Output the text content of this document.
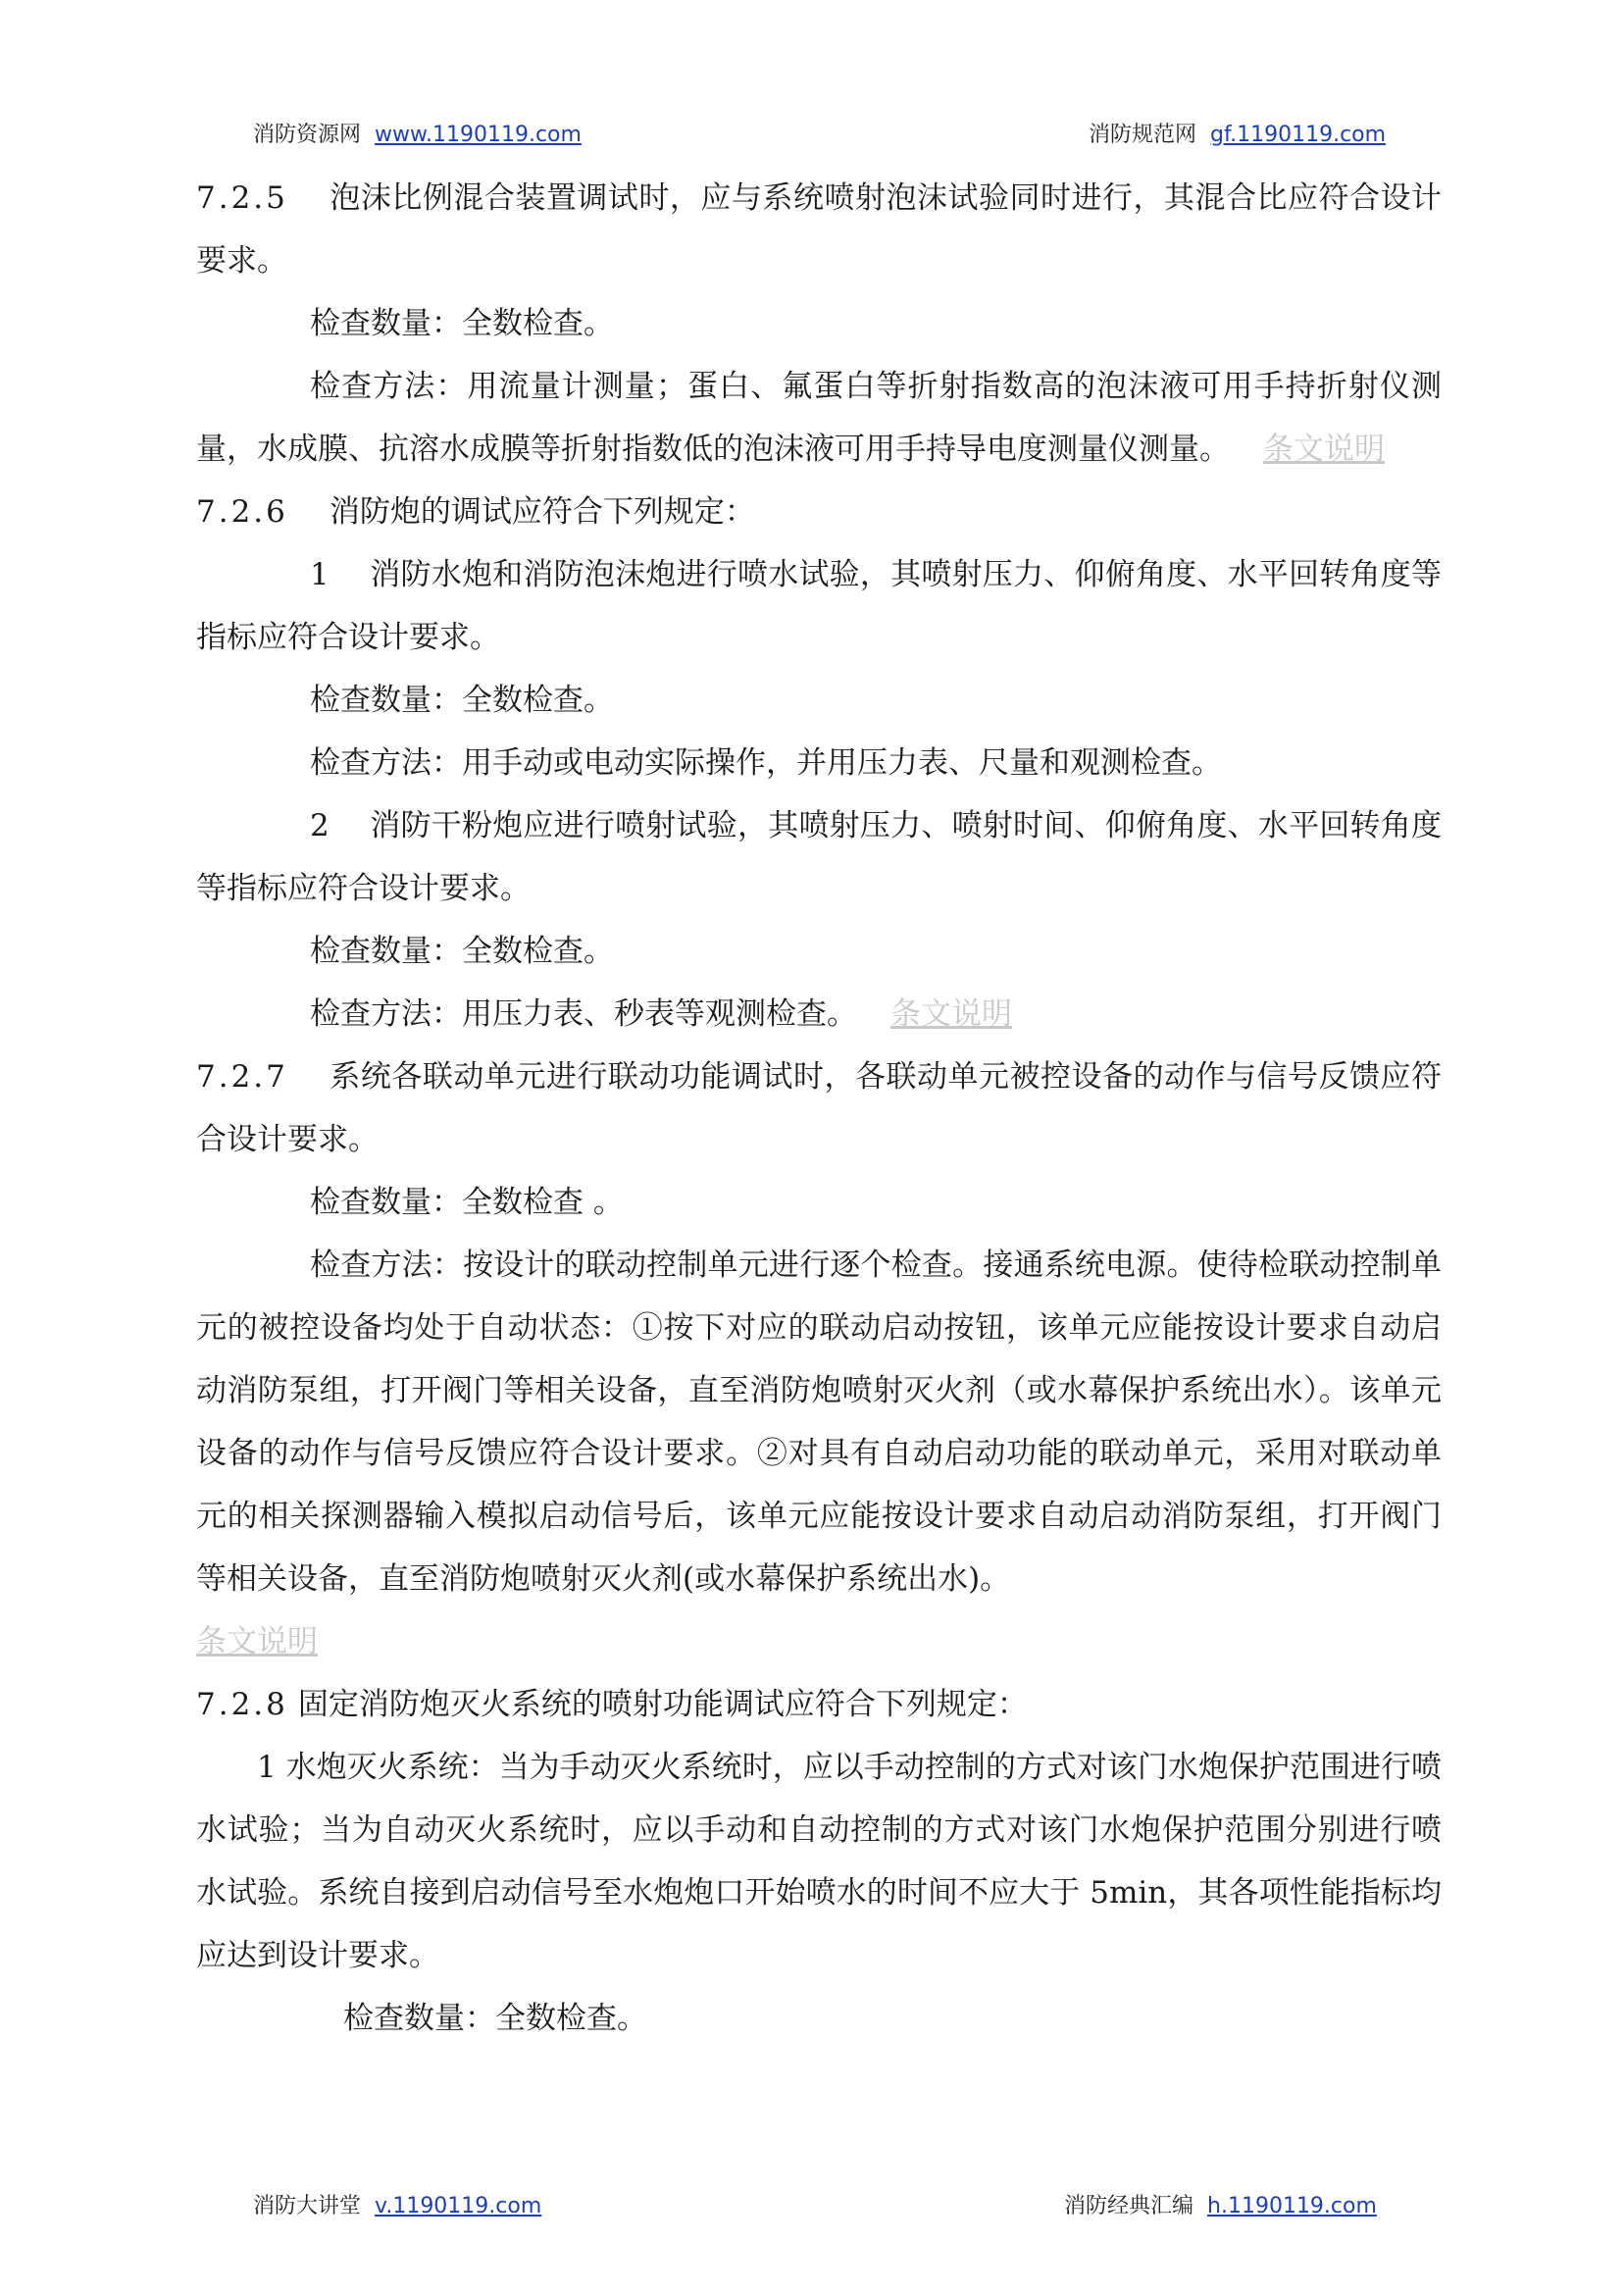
消防资源网 www.1190119.com	消防规范网 gf.1190119.com

7.2.5 泡沫比例混合装置调试时，应与系统喷射泡沫试验同时进行，其混合比应符合设计要求。

检查数量：全数检查。

检查方法：用流量计测量；蛋白、氟蛋白等折射指数高的泡沫液可用手持折射仪测量，水成膜、抗溶水成膜等折射指数低的泡沫液可用手持导电度测量仪测量。 条文说明

7.2.6 消防炮的调试应符合下列规定：

1　 消防水炮和消防泡沫炮进行喷水试验，其喷射压力、仰俯角度、水平回转角度等指标应符合设计要求。

检查数量：全数检查。

检查方法：用手动或电动实际操作，并用压力表、尺量和观测检查。

2　 消防干粉炮应进行喷射试验，其喷射压力、喷射时间、仰俯角度、水平回转角度等指标应符合设计要求。

检查数量：全数检查。

检查方法：用压力表、秒表等观测检查。 条文说明

7.2.7 系统各联动单元进行联动功能调试时，各联动单元被控设备的动作与信号反馈应符合设计要求。

检查数量：全数检查 。

检查方法：按设计的联动控制单元进行逐个检查。接通系统电源。使待检联动控制单元的被控设备均处于自动状态：①按下对应的联动启动按钮，该单元应能按设计要求自动启动消防泵组，打开阀门等相关设备，直至消防炮喷射灭火剂（或水幕保护系统出水）。该单元设备的动作与信号反馈应符合设计要求。②对具有自动启动功能的联动单元，采用对联动单元的相关探测器输入模拟启动信号后，该单元应能按设计要求自动启动消防泵组，打开阀门等相关设备，直至消防炮喷射灭火剂(或水幕保护系统出水)。

条文说明

7.2.8 固定消防炮灭火系统的喷射功能调试应符合下列规定：

1 水炮灭火系统：当为手动灭火系统时，应以手动控制的方式对该门水炮保护范围进行喷水试验；当为自动灭火系统时，应以手动和自动控制的方式对该门水炮保护范围分别进行喷水试验。系统自接到启动信号至水炮炮口开始喷水的时间不应大于 5min，其各项性能指标均应达到设计要求。

检查数量：全数检查。

消防大讲堂 v.1190119.com	消防经典汇编 h.1190119.com
